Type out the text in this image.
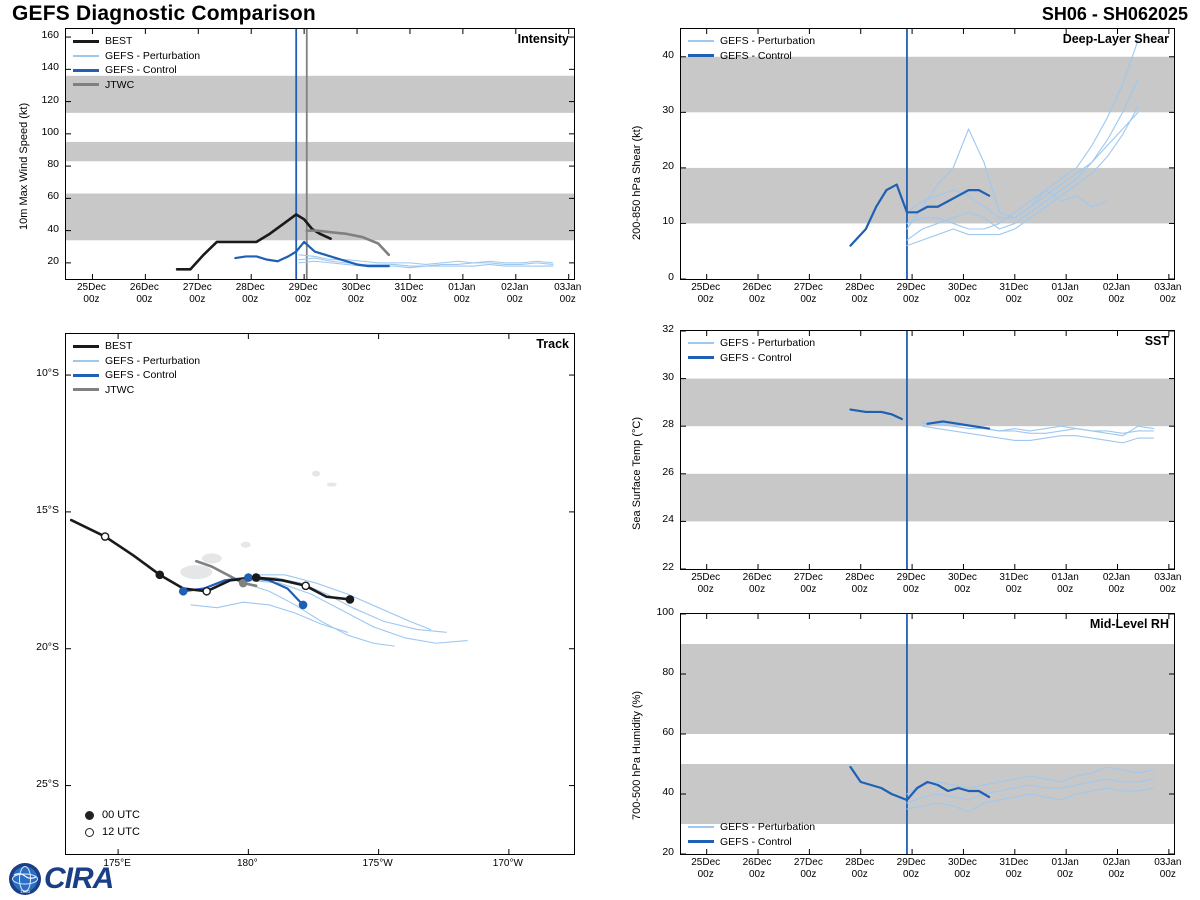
GEFS Diagnostic Comparison	SH06 - SH062025
Intensity
BEST
GEFS - Perturbation
GEFS - Control
JTWC
10m Max Wind Speed (kt)
Track
BEST
GEFS - Perturbation
GEFS - Control
JTWC
00 UTC
12 UTC
Deep-Layer Shear
GEFS - Perturbation
GEFS - Control
200-850 hPa Shear (kt)
SST
GEFS - Perturbation
GEFS - Control
Sea Surface Temp (°C)
Mid-Level RH
GEFS - Perturbation
GEFS - Control
700-500 hPa Humidity (%)
1980 CIRA
20
40
60
80
100
120
140
160
25Dec
00z
26Dec
00z
27Dec
00z
28Dec
00z
29Dec
00z
30Dec
00z
31Dec
00z
01Jan
00z
02Jan
00z
03Jan
00z
0
10
20
30
40
25Dec
00z
26Dec
00z
27Dec
00z
28Dec
00z
29Dec
00z
30Dec
00z
31Dec
00z
01Jan
00z
02Jan
00z
03Jan
00z
22
24
26
28
30
32
25Dec
00z
26Dec
00z
27Dec
00z
28Dec
00z
29Dec
00z
30Dec
00z
31Dec
00z
01Jan
00z
02Jan
00z
03Jan
00z
20
40
60
80
100
25Dec
00z
26Dec
00z
27Dec
00z
28Dec
00z
29Dec
00z
30Dec
00z
31Dec
00z
01Jan
00z
02Jan
00z
03Jan
00z
10°S
15°S
20°S
25°S
175°E	180°	175°W	170°W
